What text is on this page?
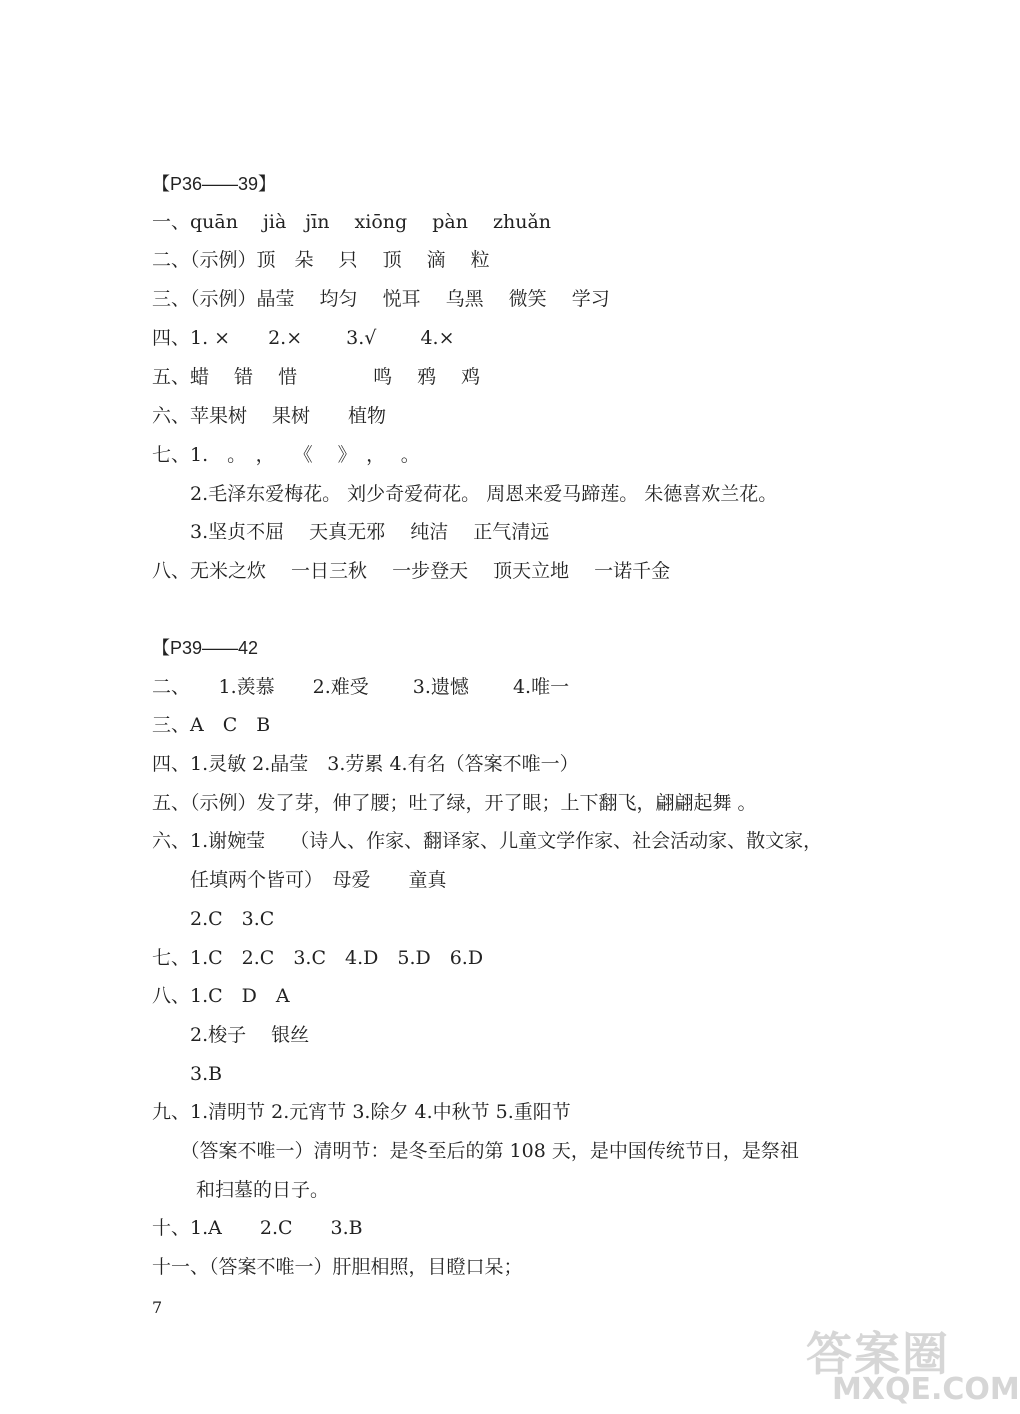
【P36——39】
一、quān　 jià　jīn　 xiōng　 pàn　 zhuǎn
二、（示例）顶　朵　 只　 顶　 滴　 粒
三、（示例）晶莹　 均匀　 悦耳　 乌黑　 微笑　 学习
四、1. ×　　2.×　　 3.√　　 4.×
五、蜡　 错　 惜　　　　鸣　 鸦　 鸡
六、苹果树　 果树　　植物
七、1.　。　，　　《　 》　，　 。
　　2.毛泽东爱梅花。 刘少奇爱荷花。 周恩来爱马蹄莲。 朱德喜欢兰花。
　　3.坚贞不屈　 天真无邪　 纯洁　 正气清远
八、无米之炊　 一日三秋　 一步登天　 顶天立地　 一诺千金
【P39——42
二、　　1.羡慕　　2.难受　　 3.遗憾　　 4.唯一
三、A　C　B
四、1.灵敏 2.晶莹　3.劳累 4.有名（答案不唯一）
五、（示例）发了芽，伸了腰；吐了绿，开了眼；上下翻飞，翩翩起舞 。
六、1.谢婉莹　 （诗人、作家、翻译家、儿童文学作家、社会活动家、散文家，
　　任填两个皆可）　母爱　　童真
　　2.C　3.C
七、1.C　2.C　3.C　4.D　5.D　6.D
八、1.C　D　A
　　2.梭子　 银丝
　　3.B
九、1.清明节 2.元宵节 3.除夕 4.中秋节 5.重阳节
　　（答案不唯一）清明节：是冬至后的第 108 天，是中国传统节日，是祭祖
　　 和扫墓的日子。
十、1.A　　2.C　　3.B
十一、（答案不唯一）肝胆相照，目瞪口呆；
7
答案圈
MXQE.COM
